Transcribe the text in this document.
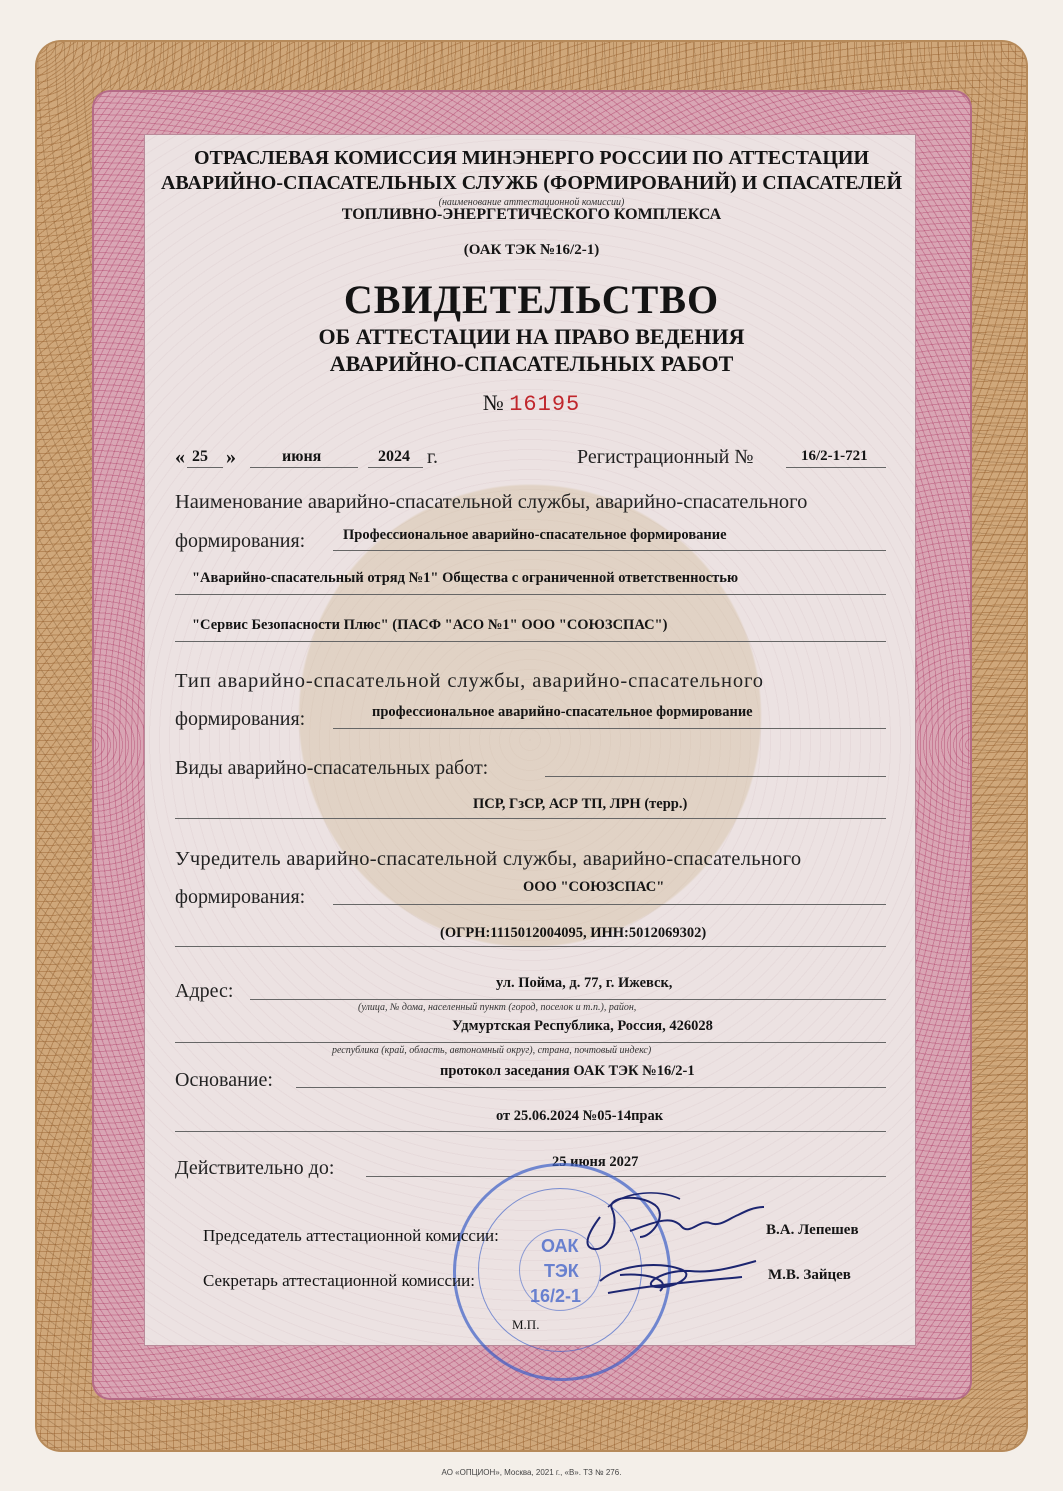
ОТРАСЛЕВАЯ КОМИССИЯ МИНЭНЕРГО РОССИИ ПО АТТЕСТАЦИИ
АВАРИЙНО-СПАСАТЕЛЬНЫХ СЛУЖБ (ФОРМИРОВАНИЙ) И СПАСАТЕЛЕЙ
(наименование аттестационной комиссии)
ТОПЛИВНО-ЭНЕРГЕТИЧЕСКОГО КОМПЛЕКСА
(ОАК ТЭК №16/2-1)
СВИДЕТЕЛЬСТВО
ОБ АТТЕСТАЦИИ НА ПРАВО ВЕДЕНИЯ
АВАРИЙНО-СПАСАТЕЛЬНЫХ РАБОТ
№ 16195
« 25 »	июня	2024 г.	Регистрационный №	16/2-1-721
Наименование аварийно-спасательной службы, аварийно-спасательного
формирования:	Профессиональное аварийно-спасательное формирование
"Аварийно-спасательный отряд №1" Общества с ограниченной ответственностью
"Сервис Безопасности Плюс" (ПАСФ "АСО №1" ООО "СОЮЗСПАС")
Тип аварийно-спасательной службы, аварийно-спасательного
формирования:	профессиональное аварийно-спасательное формирование
Виды аварийно-спасательных работ:
ПСР, ГзСР, АСР ТП, ЛРН (терр.)
Учредитель аварийно-спасательной службы, аварийно-спасательного
формирования:	ООО "СОЮЗСПАС"
(ОГРН:1115012004095, ИНН:5012069302)
Адрес:	ул. Пойма, д. 77, г. Ижевск,
(улица, № дома, населенный пункт (город, поселок и т.п.), район,
Удмуртская Республика, Россия, 426028
республика (край, область, автономный округ), страна, почтовый индекс)
Основание:	протокол заседания ОАК ТЭК №16/2-1
от 25.06.2024 №05-14прак
Действительно до:	25 июня 2027
ОАК
ТЭК
16/2-1
Председатель аттестационной комиссии:	В.А. Лепешев
Секретарь аттестационной комиссии:	М.В. Зайцев
М.П.
АО «ОПЦИОН», Москва, 2021 г., «В». ТЗ № 276.
